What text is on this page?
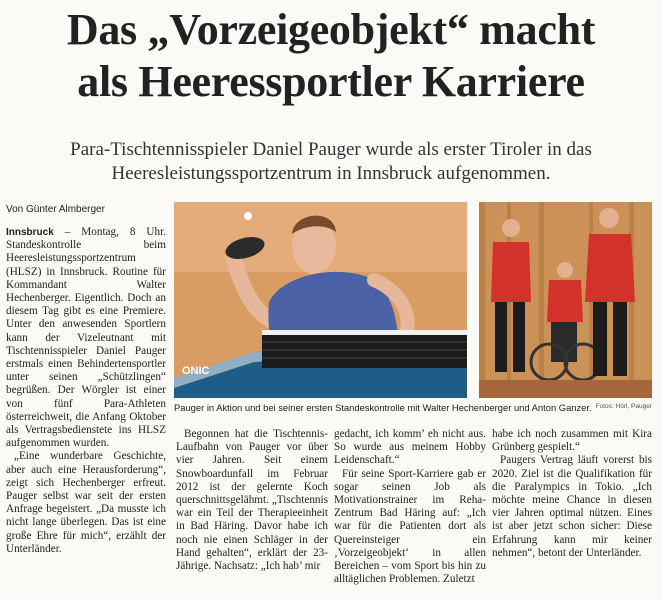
Das „Vorzeigeobjekt“ macht
als Heeressportler Karriere
Para-Tischtennisspieler Daniel Pauger wurde als erster Tiroler in das
Heeresleistungssportzentrum in Innsbruck aufgenommen.
Von Günter Almberger

Innsbruck – Montag, 8 Uhr. Standeskontrolle beim Heeresleistungssportzentrum (HLSZ) in Innsbruck. Routine für Kommandant Walter Hechenberger. Eigentlich. Doch an diesem Tag gibt es eine Premiere. Unter den anwesenden Sportlern kann der Vizeleutnant mit Tischtennisspieler Daniel Pauger erstmals einen Behindertensportler unter seinen „Schützlingen“ begrüßen. Der Wörgler ist einer von fünf Para-Athleten österreichweit, die Anfang Oktober als Vertragsbedienstete ins HLSZ aufgenommen wurden.

„Eine wunderbare Geschichte, aber auch eine Herausforderung“, zeigt sich Hechenberger erfreut. Pauger selbst war seit der ersten Anfrage begeistert. „Da musste ich nicht lange überlegen. Das ist eine große Ehre für mich“, erzählt der Unterländer.

ONIC
Pauger in Aktion und bei seiner ersten Standeskontrolle mit Walter Hechenberger und Anton Ganzer. Fotos: Hörl, Pauger

Begonnen hat die Tischtennis-Laufbahn von Pauger vor über vier Jahren. Seit einem Snowboardunfall im Februar 2012 ist der gelernte Koch querschnittsgelähmt. „Tischtennis war ein Teil der Therapieeinheit in Bad Häring. Davor habe ich noch nie einen Schläger in der Hand gehalten“, erklärt der 23-Jährige. Nachsatz: „Ich hab’ mir

gedacht, ich komm’ eh nicht aus. So wurde aus meinem Hobby Leidenschaft.“

Für seine Sport-Karriere gab er sogar seinen Job als Motivationstrainer im Reha-Zentrum Bad Häring auf: „Ich war für die Patienten dort als Quereinsteiger ein ‚Vorzeigeobjekt‘ in allen Bereichen – vom Sport bis hin zu alltäglichen Problemen. Zuletzt

habe ich noch zusammen mit Kira Grünberg gespielt.“

Paugers Vertrag läuft vorerst bis 2020. Ziel ist die Qualifikation für die Paralympics in Tokio. „Ich möchte meine Chance in diesen vier Jahren optimal nützen. Eines ist aber jetzt schon sicher: Diese Erfahrung kann mir keiner nehmen“, betont der Unterländer.
